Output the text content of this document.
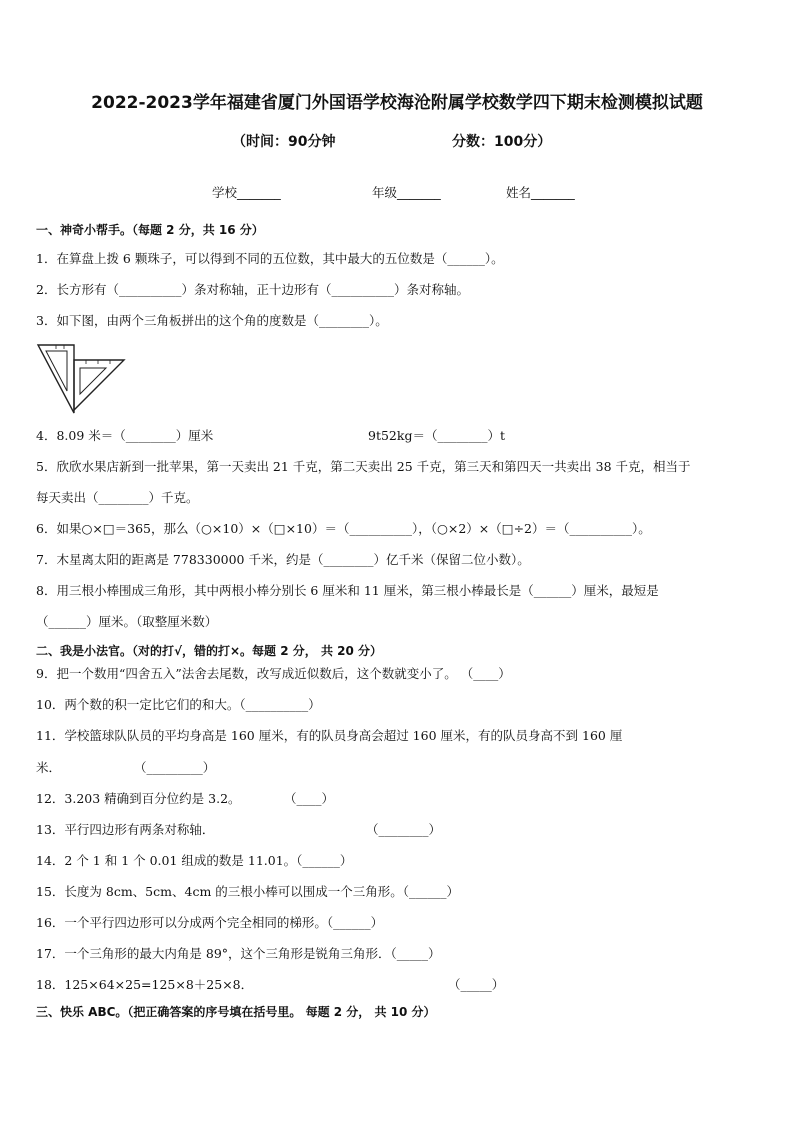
2022-2023学年福建省厦门外国语学校海沧附属学校数学四下期末检测模拟试题
（时间：90分钟	分数：100分）
学校_______	年级_______	姓名_______
一、神奇小帮手。（每题 2 分，共 16 分）
1．在算盘上拨 6 颗珠子，可以得到不同的五位数，其中最大的五位数是（______）。
2．长方形有（__________）条对称轴，正十边形有（__________）条对称轴。
3．如下图，由两个三角板拼出的这个角的度数是（________）。
4．8.09 米＝（________）厘米	9t52kg＝（________）t
5．欣欣水果店新到一批苹果，第一天卖出 21 千克，第二天卖出 25 千克，第三天和第四天一共卖出 38 千克，相当于
每天卖出（________）千克。
6．如果○×□＝365，那么（○×10）×（□×10）＝（__________），（○×2）×（□÷2）＝（__________）。
7．木星离太阳的距离是 778330000 千米，约是（________）亿千米（保留二位小数）。
8．用三根小棒围成三角形，其中两根小棒分别长 6 厘米和 11 厘米，第三根小棒最长是（______）厘米，最短是
（______）厘米。（取整厘米数）
二、我是小法官。（对的打√，错的打×。每题 2 分， 共 20 分）
9．把一个数用“四舍五入”法舍去尾数，改写成近似数后，这个数就变小了。 （____）
10．两个数的积一定比它们的和大。（__________）
11．学校篮球队队员的平均身高是 160 厘米，有的队员身高会超过 160 厘米，有的队员身高不到 160 厘
米．	（_________）
12．3.203 精确到百分位约是 3.2。	（____）
13．平行四边形有两条对称轴．	（________）
14．2 个 1 和 1 个 0.01 组成的数是 11.01。（______）
15．长度为 8cm、5cm、4cm 的三根小棒可以围成一个三角形。（______）
16．一个平行四边形可以分成两个完全相同的梯形。（______）
17．一个三角形的最大内角是 89°，这个三角形是锐角三角形．（_____）
18．125×64×25=125×8＋25×8．	（_____）
三、快乐 ABC。（把正确答案的序号填在括号里。 每题 2 分， 共 10 分）
